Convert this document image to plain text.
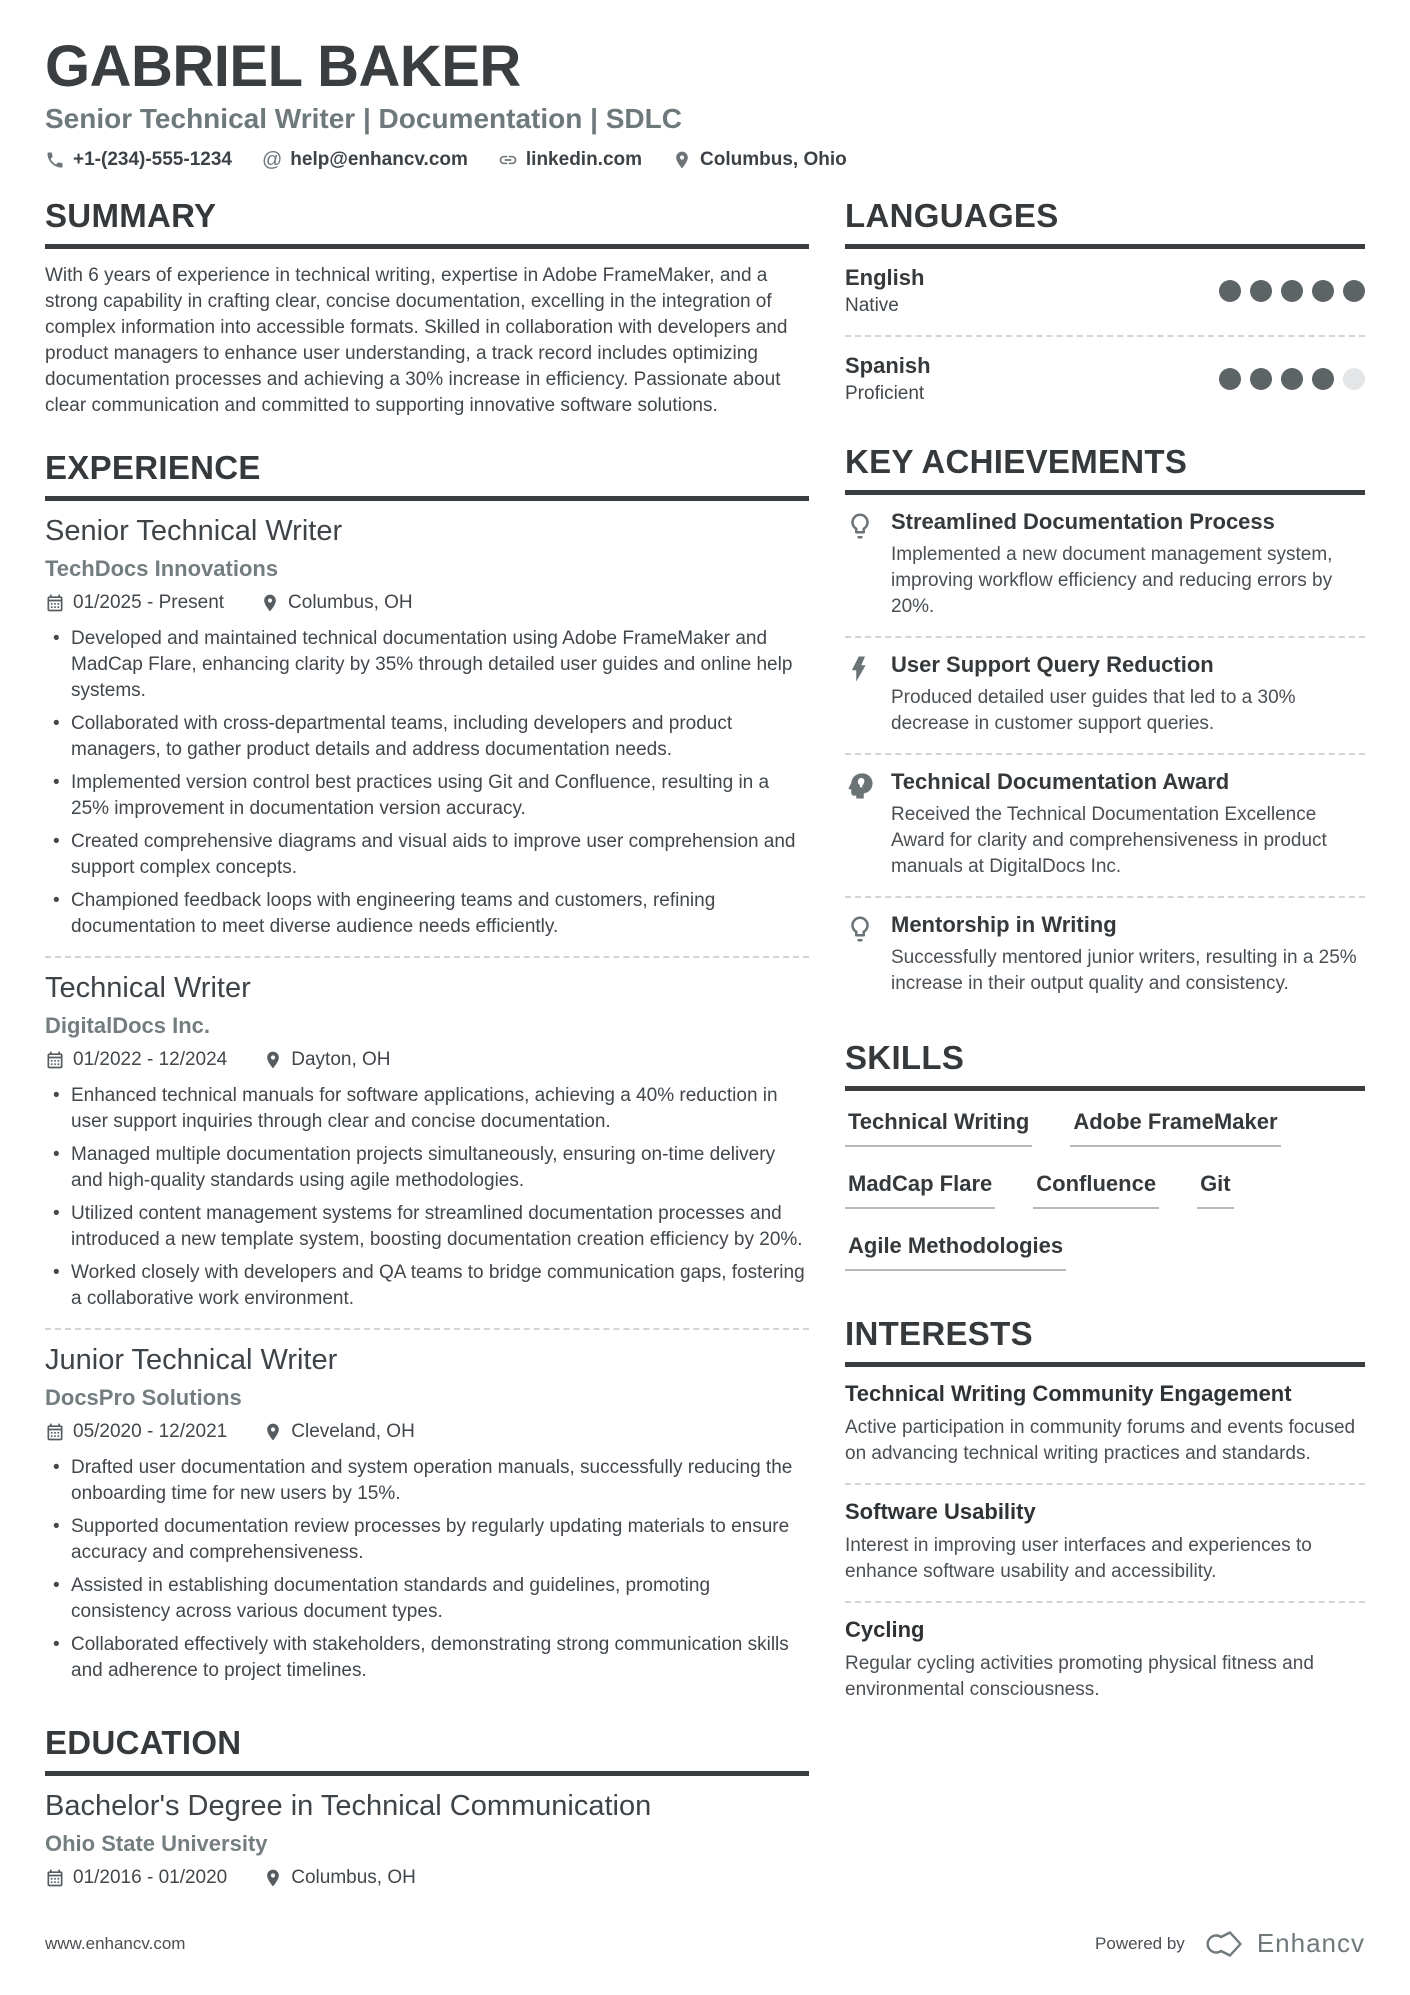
GABRIEL BAKER
Senior Technical Writer | Documentation | SDLC
+1-(234)-555-1234 @ help@enhancv.com	linkedin.com	Columbus, Ohio
SUMMARY
With 6 years of experience in technical writing, expertise in Adobe FrameMaker, and a strong capability in crafting clear, concise documentation, excelling in the integration of complex information into accessible formats. Skilled in collaboration with developers and product managers to enhance user understanding, a track record includes optimizing documentation processes and achieving a 30% increase in efficiency. Passionate about clear communication and committed to supporting innovative software solutions.
EXPERIENCE
Senior Technical Writer
TechDocs Innovations
01/2025 - Present	Columbus, OH
• Developed and maintained technical documentation using Adobe FrameMaker and MadCap Flare, enhancing clarity by 35% through detailed user guides and online help systems.
• Collaborated with cross-departmental teams, including developers and product managers, to gather product details and address documentation needs.
• Implemented version control best practices using Git and Confluence, resulting in a 25% improvement in documentation version accuracy.
• Created comprehensive diagrams and visual aids to improve user comprehension and support complex concepts.
• Championed feedback loops with engineering teams and customers, refining documentation to meet diverse audience needs efficiently.
Technical Writer
DigitalDocs Inc.
01/2022 - 12/2024	Dayton, OH
• Enhanced technical manuals for software applications, achieving a 40% reduction in user support inquiries through clear and concise documentation.
• Managed multiple documentation projects simultaneously, ensuring on-time delivery and high-quality standards using agile methodologies.
• Utilized content management systems for streamlined documentation processes and introduced a new template system, boosting documentation creation efficiency by 20%.
• Worked closely with developers and QA teams to bridge communication gaps, fostering a collaborative work environment.
Junior Technical Writer
DocsPro Solutions
05/2020 - 12/2021	Cleveland, OH
• Drafted user documentation and system operation manuals, successfully reducing the onboarding time for new users by 15%.
• Supported documentation review processes by regularly updating materials to ensure accuracy and comprehensiveness.
• Assisted in establishing documentation standards and guidelines, promoting consistency across various document types.
• Collaborated effectively with stakeholders, demonstrating strong communication skills and adherence to project timelines.
EDUCATION
Bachelor's Degree in Technical Communication
Ohio State University
01/2016 - 01/2020	Columbus, OH
LANGUAGES
English
Native
Spanish
Proficient
KEY ACHIEVEMENTS
Streamlined Documentation Process
Implemented a new document management system, improving workflow efficiency and reducing errors by 20%.
User Support Query Reduction
Produced detailed user guides that led to a 30% decrease in customer support queries.
Technical Documentation Award
Received the Technical Documentation Excellence Award for clarity and comprehensiveness in product manuals at DigitalDocs Inc.
Mentorship in Writing
Successfully mentored junior writers, resulting in a 25% increase in their output quality and consistency.
SKILLS
Technical Writing Adobe FrameMaker
MadCap Flare Confluence Git
Agile Methodologies
INTERESTS
Technical Writing Community Engagement
Active participation in community forums and events focused on advancing technical writing practices and standards.
Software Usability
Interest in improving user interfaces and experiences to enhance software usability and accessibility.
Cycling
Regular cycling activities promoting physical fitness and environmental consciousness.
www.enhancv.com	Powered by	Enhancv
